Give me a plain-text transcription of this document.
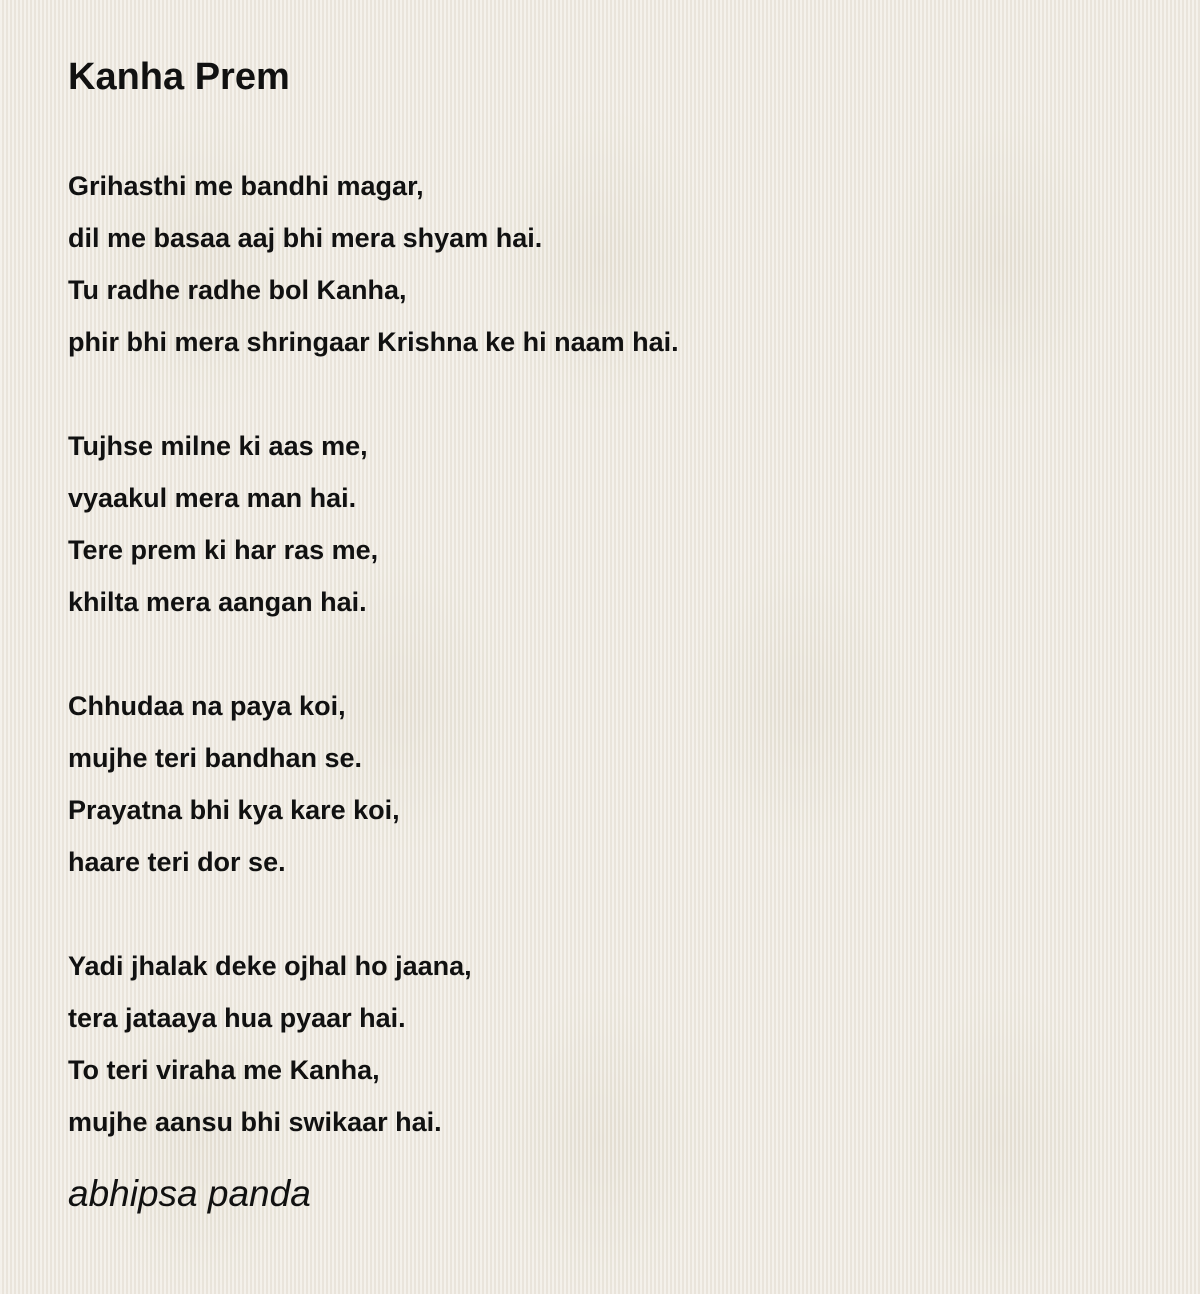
Kanha Prem
Grihasthi me bandhi magar,
dil me basaa aaj bhi mera shyam hai.
Tu radhe radhe bol Kanha,
phir bhi mera shringaar Krishna ke hi naam hai.
Tujhse milne ki aas me,
vyaakul mera man hai.
Tere prem ki har ras me,
khilta mera aangan hai.
Chhudaa na paya koi,
mujhe teri bandhan se.
Prayatna bhi kya kare koi,
haare teri dor se.
Yadi jhalak deke ojhal ho jaana,
tera jataaya hua pyaar hai.
To teri viraha me Kanha,
mujhe aansu bhi swikaar hai.
abhipsa panda
